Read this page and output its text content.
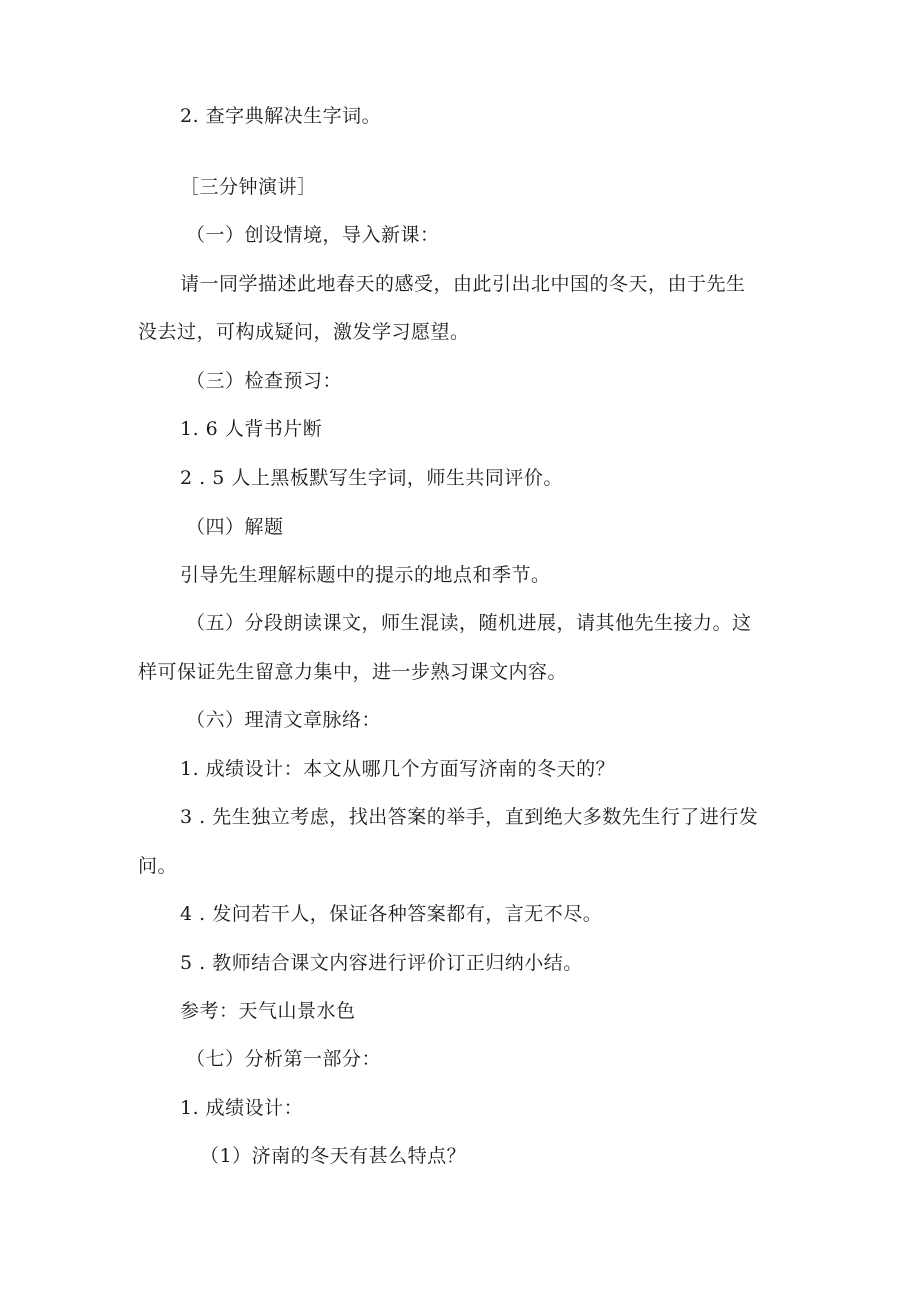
2. 查字典解决生字词。
［三分钟演讲］
（一）创设情境，导入新课：
请一同学描述此地春天的感受，由此引出北中国的冬天，由于先生
没去过，可构成疑问，激发学习愿望。
（三）检查预习：
1. 6 人背书片断
2 . 5 人上黑板默写生字词，师生共同评价。
（四）解题
引导先生理解标题中的提示的地点和季节。
（五）分段朗读课文，师生混读，随机进展，请其他先生接力。这
样可保证先生留意力集中，进一步熟习课文内容。
（六）理清文章脉络：
1. 成绩设计：本文从哪几个方面写济南的冬天的？
3 . 先生独立考虑，找出答案的举手，直到绝大多数先生行了进行发
问。
4 . 发问若干人，保证各种答案都有，言无不尽。
5 . 教师结合课文内容进行评价订正归纳小结。
参考：天气山景水色
（七）分析第一部分：
1. 成绩设计：
（1）济南的冬天有甚么特点？
